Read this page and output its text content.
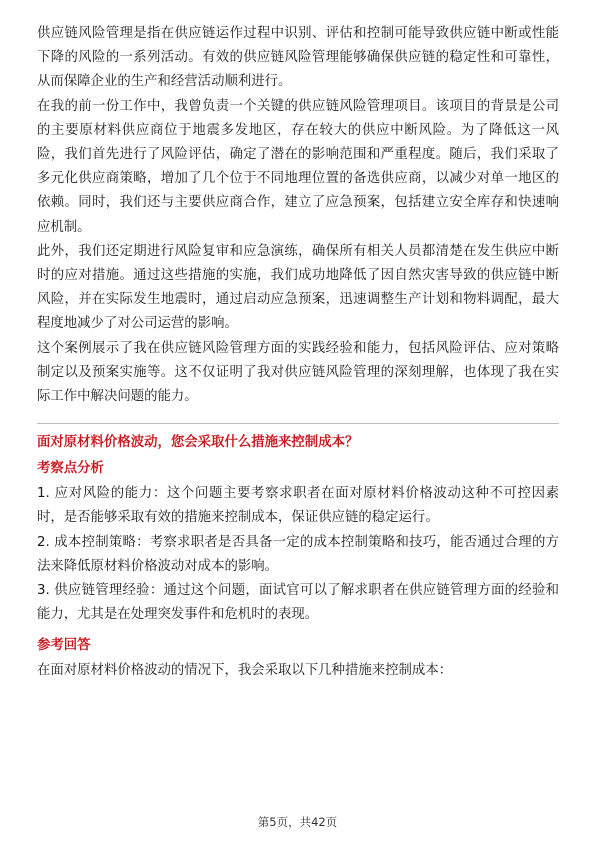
供应链风险管理是指在供应链运作过程中识别、评估和控制可能导致供应链中断或性能下降的风险的一系列活动。有效的供应链风险管理能够确保供应链的稳定性和可靠性，从而保障企业的生产和经营活动顺利进行。

在我的前一份工作中，我曾负责一个关键的供应链风险管理项目。该项目的背景是公司的主要原材料供应商位于地震多发地区，存在较大的供应中断风险。为了降低这一风险，我们首先进行了风险评估，确定了潜在的影响范围和严重程度。随后，我们采取了多元化供应商策略，增加了几个位于不同地理位置的备选供应商，以减少对单一地区的依赖。同时，我们还与主要供应商合作，建立了应急预案，包括建立安全库存和快速响应机制。

此外，我们还定期进行风险复审和应急演练，确保所有相关人员都清楚在发生供应中断时的应对措施。通过这些措施的实施，我们成功地降低了因自然灾害导致的供应链中断风险，并在实际发生地震时，通过启动应急预案，迅速调整生产计划和物料调配，最大程度地减少了对公司运营的影响。

这个案例展示了我在供应链风险管理方面的实践经验和能力，包括风险评估、应对策略制定以及预案实施等。这不仅证明了我对供应链风险管理的深刻理解，也体现了我在实际工作中解决问题的能力。

面对原材料价格波动，您会采取什么措施来控制成本？

考察点分析

1. 应对风险的能力：这个问题主要考察求职者在面对原材料价格波动这种不可控因素时，是否能够采取有效的措施来控制成本，保证供应链的稳定运行。

2. 成本控制策略：考察求职者是否具备一定的成本控制策略和技巧，能否通过合理的方法来降低原材料价格波动对成本的影响。

3. 供应链管理经验：通过这个问题，面试官可以了解求职者在供应链管理方面的经验和能力，尤其是在处理突发事件和危机时的表现。

参考回答

在面对原材料价格波动的情况下，我会采取以下几种措施来控制成本：

第5页，共42页
